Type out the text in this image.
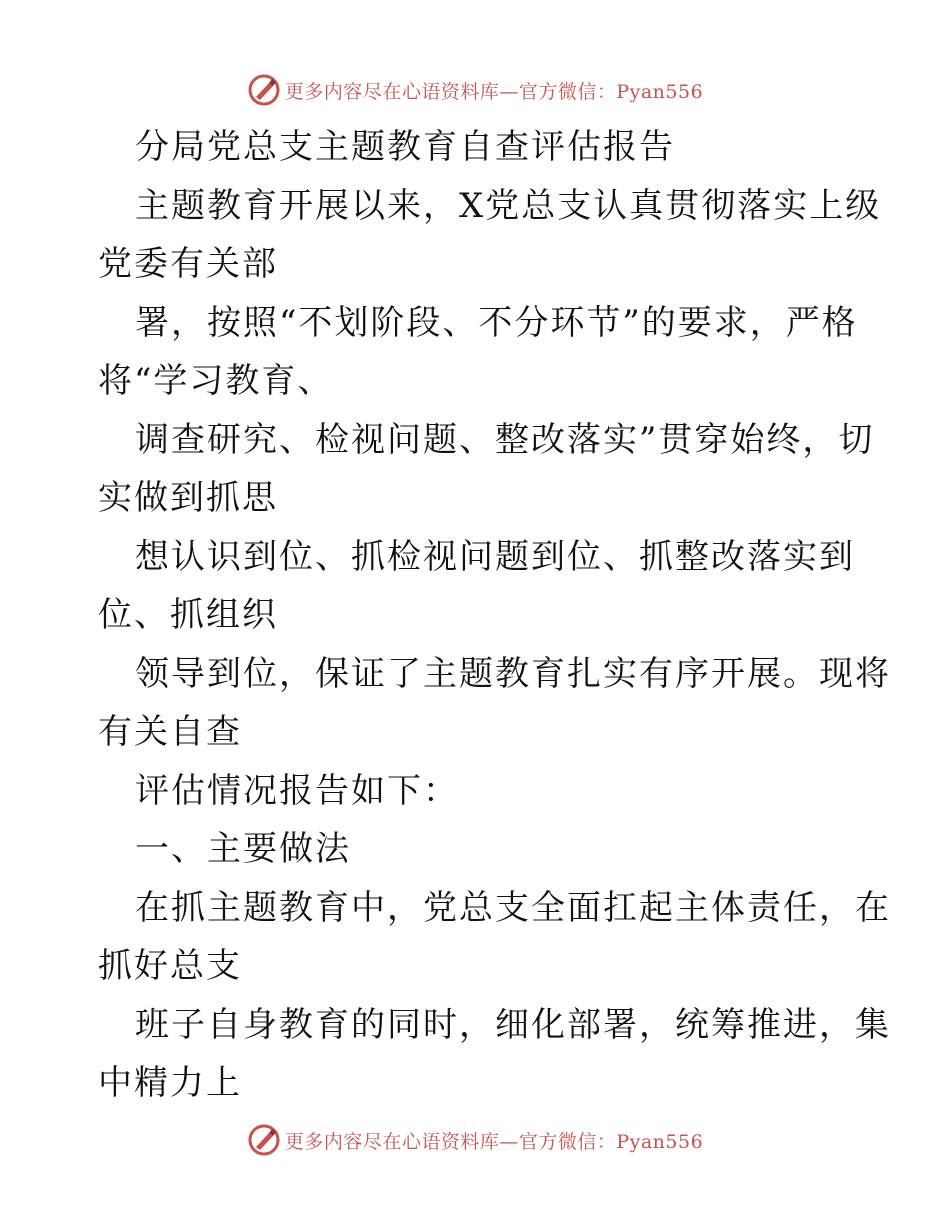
更多内容尽在心语资料库—官方微信：Pyan556
分局党总支主题教育自查评估报告
主题教育开展以来，X党总支认真贯彻落实上级
党委有关部
署，按照“不划阶段、不分环节”的要求，严格
将“学习教育、
调查研究、检视问题、整改落实”贯穿始终，切
实做到抓思
想认识到位、抓检视问题到位、抓整改落实到
位、抓组织
领导到位，保证了主题教育扎实有序开展。现将
有关自查
评估情况报告如下：
一、主要做法
在抓主题教育中，党总支全面扛起主体责任，在
抓好总支
班子自身教育的同时，细化部署，统筹推进，集
中精力上
更多内容尽在心语资料库—官方微信：Pyan556
